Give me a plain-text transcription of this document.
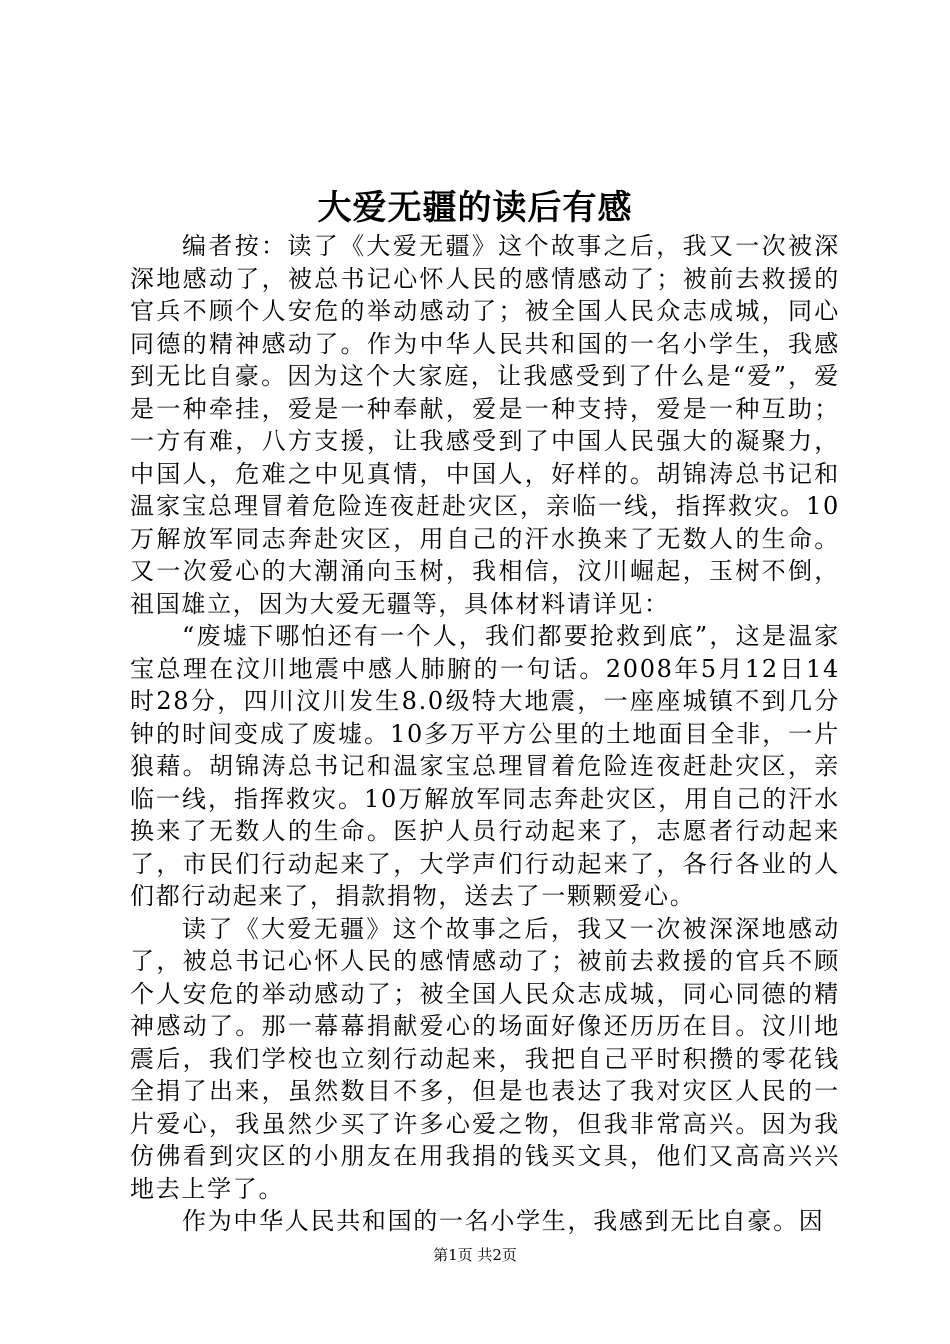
大爱无疆的读后有感

编者按：读了《大爱无疆》这个故事之后，我又一次被深深地感动了，被总书记心怀人民的感情感动了；被前去救援的官兵不顾个人安危的举动感动了；被全国人民众志成城，同心同德的精神感动了。作为中华人民共和国的一名小学生，我感到无比自豪。因为这个大家庭，让我感受到了什么是“爱”，爱是一种牵挂，爱是一种奉献，爱是一种支持，爱是一种互助；一方有难，八方支援，让我感受到了中国人民强大的凝聚力，中国人，危难之中见真情，中国人，好样的。胡锦涛总书记和温家宝总理冒着危险连夜赶赴灾区，亲临一线，指挥救灾。10万解放军同志奔赴灾区，用自己的汗水换来了无数人的生命。又一次爱心的大潮涌向玉树，我相信，汶川崛起，玉树不倒，祖国雄立，因为大爱无疆等，具体材料请详见：

“废墟下哪怕还有一个人，我们都要抢救到底”，这是温家宝总理在汶川地震中感人肺腑的一句话。2008年5月12日14时28分，四川汶川发生8.0级特大地震，一座座城镇不到几分钟的时间变成了废墟。10多万平方公里的土地面目全非，一片狼藉。胡锦涛总书记和温家宝总理冒着危险连夜赶赴灾区，亲临一线，指挥救灾。10万解放军同志奔赴灾区，用自己的汗水换来了无数人的生命。医护人员行动起来了，志愿者行动起来了，市民们行动起来了，大学声们行动起来了，各行各业的人们都行动起来了，捐款捐物，送去了一颗颗爱心。

读了《大爱无疆》这个故事之后，我又一次被深深地感动了，被总书记心怀人民的感情感动了；被前去救援的官兵不顾个人安危的举动感动了；被全国人民众志成城，同心同德的精神感动了。那一幕幕捐献爱心的场面好像还历历在目。汶川地震后，我们学校也立刻行动起来，我把自己平时积攒的零花钱全捐了出来，虽然数目不多，但是也表达了我对灾区人民的一片爱心，我虽然少买了许多心爱之物，但我非常高兴。因为我仿佛看到灾区的小朋友在用我捐的钱买文具，他们又高高兴兴地去上学了。

作为中华人民共和国的一名小学生，我感到无比自豪。因

第1页 共2页
